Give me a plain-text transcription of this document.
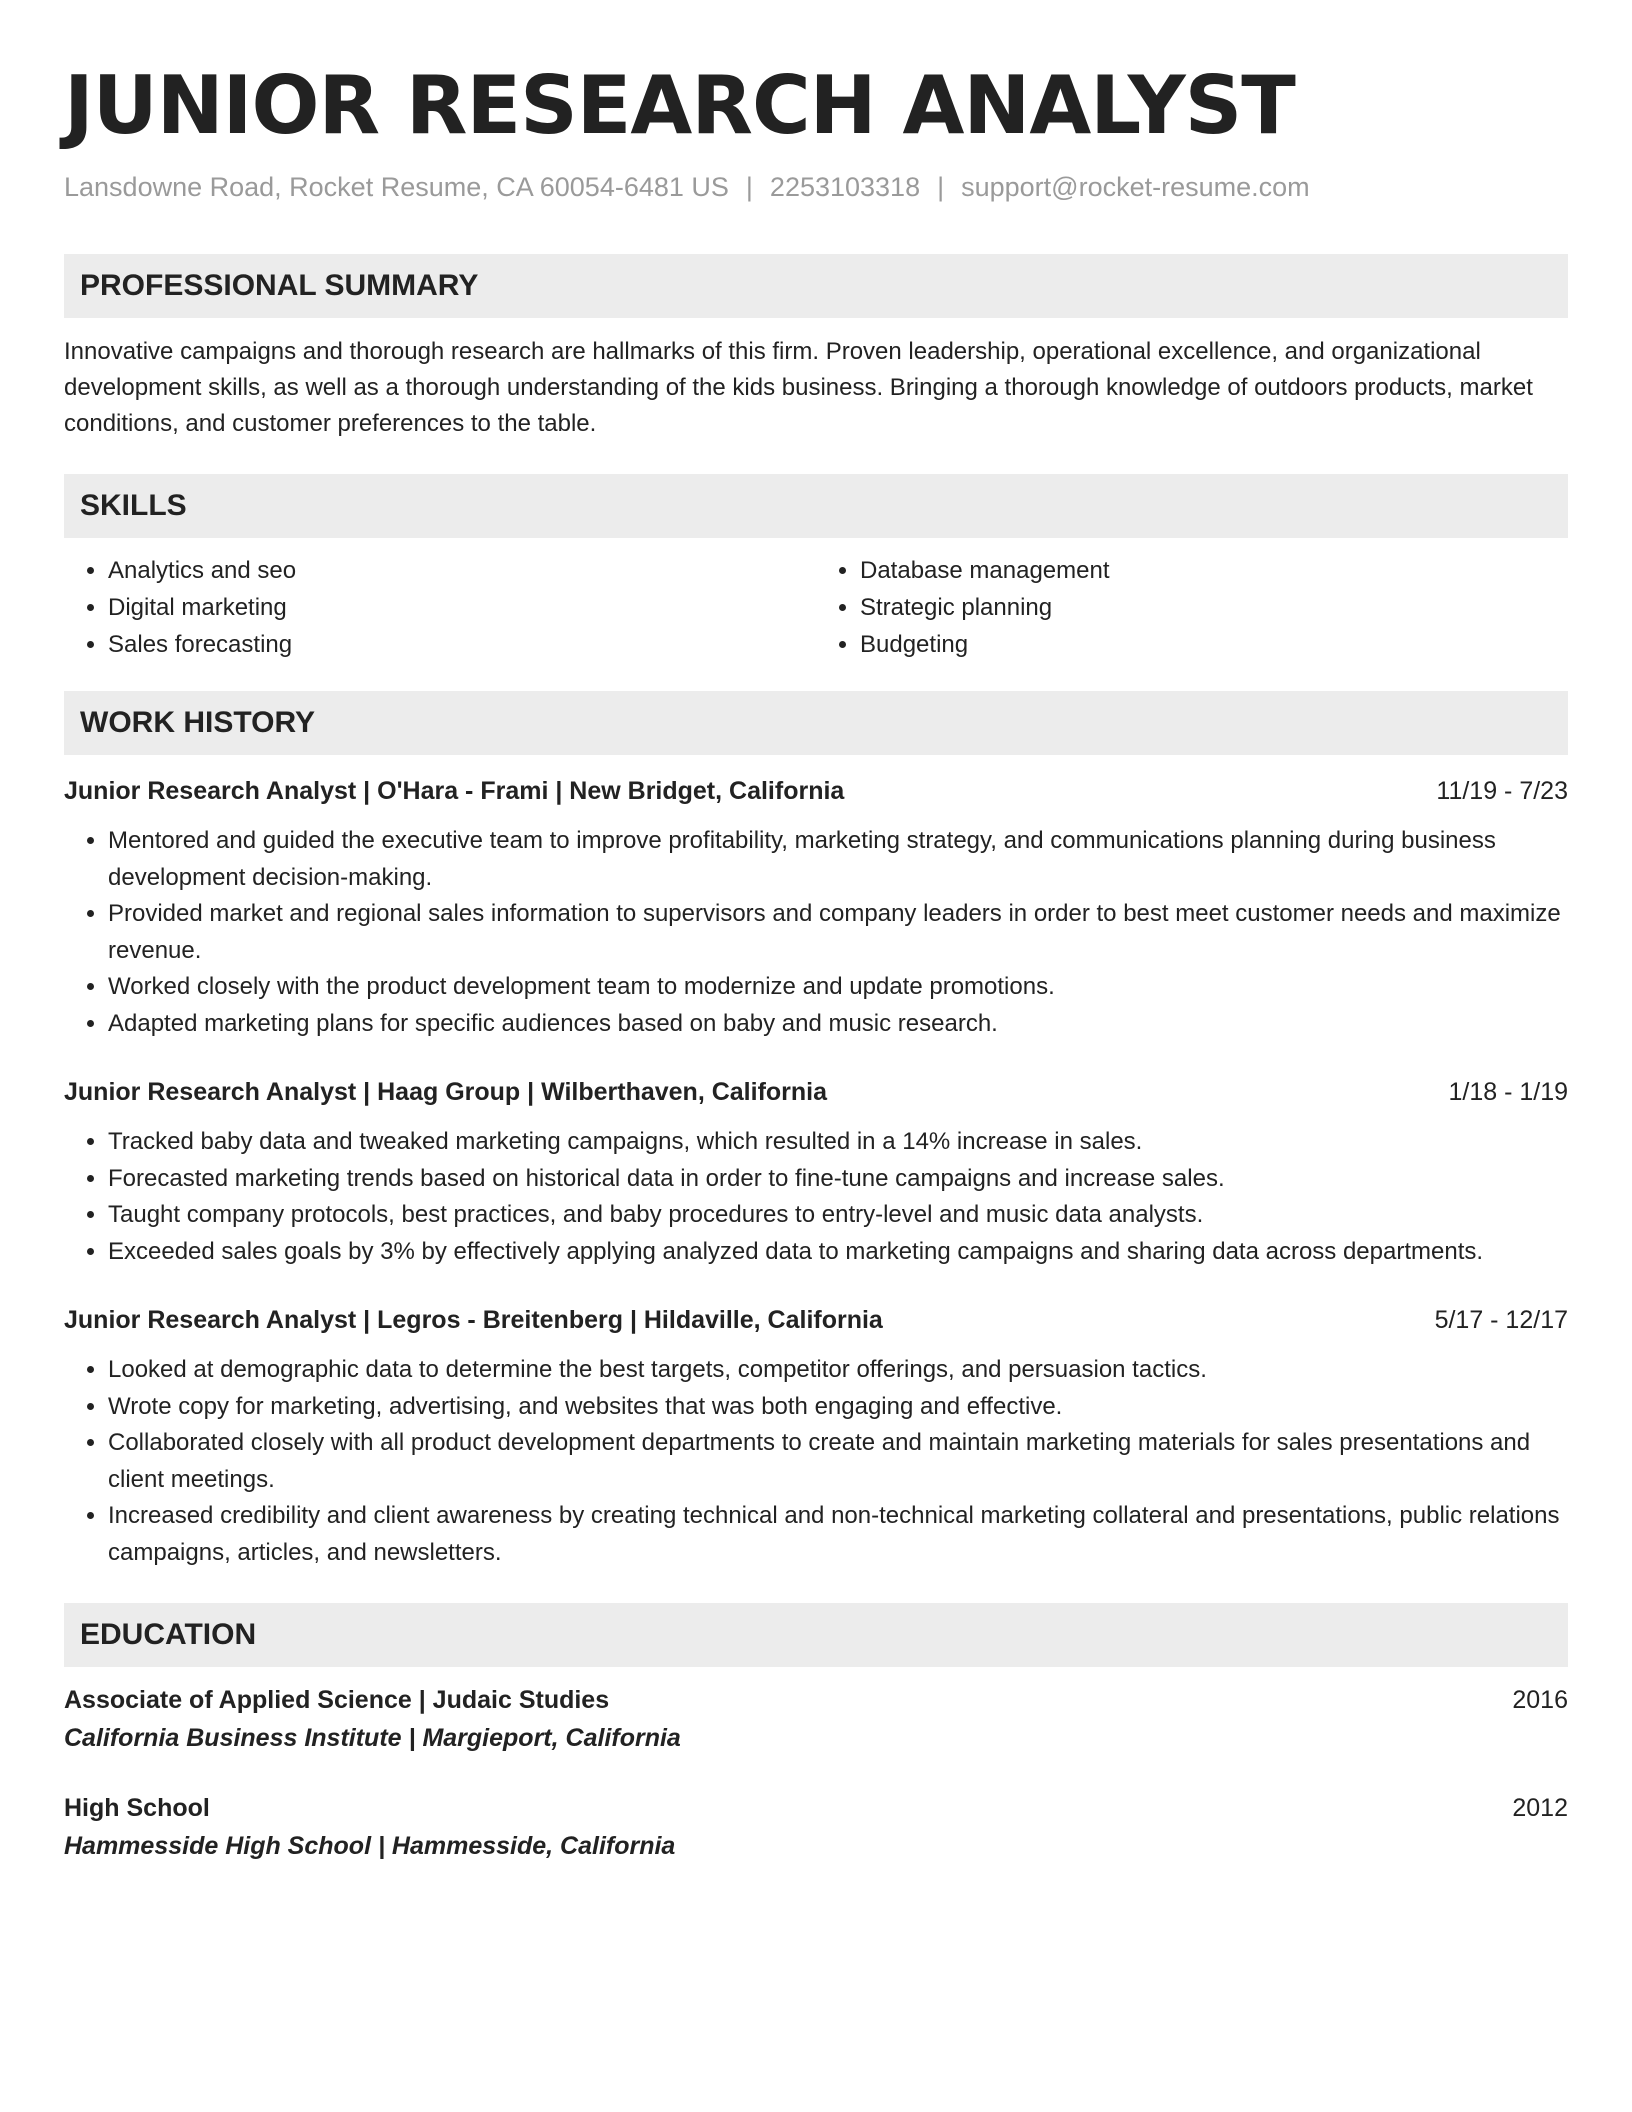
JUNIOR RESEARCH ANALYST
Lansdowne Road, Rocket Resume, CA 60054-6481 US | 2253103318 | support@rocket-resume.com
PROFESSIONAL SUMMARY
Innovative campaigns and thorough research are hallmarks of this firm. Proven leadership, operational excellence, and organizational development skills, as well as a thorough understanding of the kids business. Bringing a thorough knowledge of outdoors products, market conditions, and customer preferences to the table.
SKILLS
• Analytics and seo
• Digital marketing
• Sales forecasting
• Database management
• Strategic planning
• Budgeting
WORK HISTORY
Junior Research Analyst | O'Hara - Frami | New Bridget, California	11/19 - 7/23
• Mentored and guided the executive team to improve profitability, marketing strategy, and communications planning during business development decision-making.
• Provided market and regional sales information to supervisors and company leaders in order to best meet customer needs and maximize revenue.
• Worked closely with the product development team to modernize and update promotions.
• Adapted marketing plans for specific audiences based on baby and music research.
Junior Research Analyst | Haag Group | Wilberthaven, California	1/18 - 1/19
• Tracked baby data and tweaked marketing campaigns, which resulted in a 14% increase in sales.
• Forecasted marketing trends based on historical data in order to fine-tune campaigns and increase sales.
• Taught company protocols, best practices, and baby procedures to entry-level and music data analysts.
• Exceeded sales goals by 3% by effectively applying analyzed data to marketing campaigns and sharing data across departments.
Junior Research Analyst | Legros - Breitenberg | Hildaville, California	5/17 - 12/17
• Looked at demographic data to determine the best targets, competitor offerings, and persuasion tactics.
• Wrote copy for marketing, advertising, and websites that was both engaging and effective.
• Collaborated closely with all product development departments to create and maintain marketing materials for sales presentations and client meetings.
• Increased credibility and client awareness by creating technical and non-technical marketing collateral and presentations, public relations campaigns, articles, and newsletters.
EDUCATION
Associate of Applied Science | Judaic Studies	2016
California Business Institute | Margieport, California
High School	2012
Hammesside High School | Hammesside, California
